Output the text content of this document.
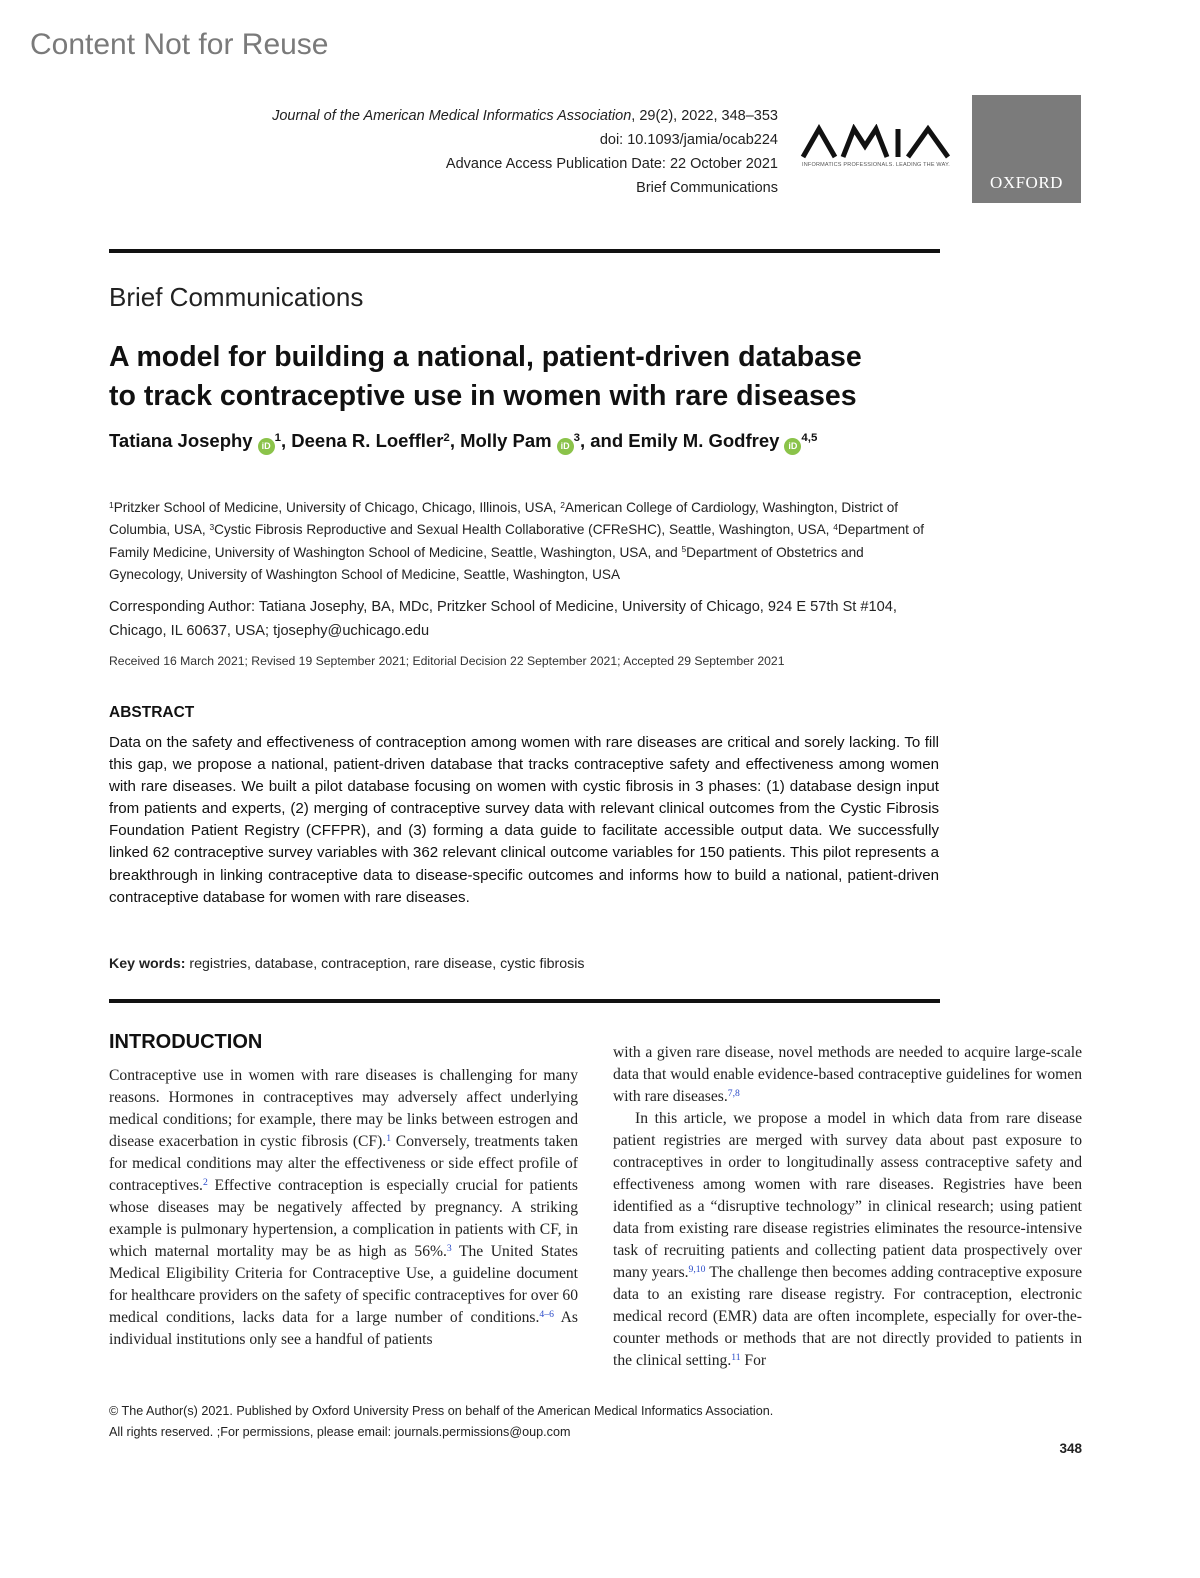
Content Not for Reuse
Journal of the American Medical Informatics Association, 29(2), 2022, 348–353
doi: 10.1093/jamia/ocab224
Advance Access Publication Date: 22 October 2021
Brief Communications
INFORMATICS PROFESSIONALS. LEADING THE WAY.
OXFORD
Brief Communications
A model for building a national, patient-driven database
to track contraceptive use in women with rare diseases
Tatiana Josephy $iD^1$, Deena R. Loeffler$^2$, Molly Pam $iD^3$, and Emily M. Godfrey iD$^{4,5}$
$^1$Pritzker School of Medicine, University of Chicago, Chicago, Illinois, USA, $^2$American College of Cardiology, Washington, District of Columbia, USA, $^3$Cystic Fibrosis Reproductive and Sexual Health Collaborative (CFReSHC), Seattle, Washington, USA, $^4$Department of Family Medicine, University of Washington School of Medicine, Seattle, Washington, USA, and $^5$Department of Obstetrics and Gynecology, University of Washington School of Medicine, Seattle, Washington, USA
Corresponding Author: Tatiana Josephy, BA, MDc, Pritzker School of Medicine, University of Chicago, 924 E 57th St #104, Chicago, IL 60637, USA; tjosephy@uchicago.edu
Received 16 March 2021; Revised 19 September 2021; Editorial Decision 22 September 2021; Accepted 29 September 2021
ABSTRACT
Data on the safety and effectiveness of contraception among women with rare diseases are critical and sorely lacking. To fill this gap, we propose a national, patient-driven database that tracks contraceptive safety and effectiveness among women with rare diseases. We built a pilot database focusing on women with cystic fibrosis in 3 phases: (1) database design input from patients and experts, (2) merging of contraceptive survey data with relevant clinical outcomes from the Cystic Fibrosis Foundation Patient Registry (CFFPR), and (3) forming a data guide to facilitate accessible output data. We successfully linked 62 contraceptive survey variables with 362 relevant clinical outcome variables for 150 patients. This pilot represents a breakthrough in linking contraceptive data to disease-specific outcomes and informs how to build a national, patient-driven contraceptive database for women with rare diseases.
Key words: registries, database, contraception, rare disease, cystic fibrosis
INTRODUCTION

Contraceptive use in women with rare diseases is challenging for many reasons. Hormones in contraceptives may adversely affect underlying medical conditions; for example, there may be links between estrogen and disease exacerbation in cystic fibrosis (CF).$^1$ Conversely, treatments taken for medical conditions may alter the effectiveness or side effect profile of contraceptives.$^2$ Effective contraception is especially crucial for patients whose diseases may be negatively affected by pregnancy. A striking example is pulmonary hypertension, a complication in patients with CF, in which maternal mortality may be as high as 56%.$^3$ The United States Medical Eligibility Criteria for Contraceptive Use, a guideline document for healthcare providers on the safety of specific contraceptives for over 60 medical conditions, lacks data for a large number of conditions.$^{4-6}$ As individual institutions only see a handful of patients

with a given rare disease, novel methods are needed to acquire large-scale data that would enable evidence-based contraceptive guidelines for women with rare diseases.$^{7,8}$

In this article, we propose a model in which data from rare disease patient registries are merged with survey data about past exposure to contraceptives in order to longitudinally assess contraceptive safety and effectiveness among women with rare diseases. Registries have been identified as a “disruptive technology” in clinical research; using patient data from existing rare disease registries eliminates the resource-intensive task of recruiting patients and collecting patient data prospectively over many years.$^{9,10}$ The challenge then becomes adding contraceptive exposure data to an existing rare disease registry. For contraception, electronic medical record (EMR) data are often incomplete, especially for over-the-counter methods or methods that are not directly provided to patients in the clinical setting.$^{11}$ For

© The Author(s) 2021. Published by Oxford University Press on behalf of the American Medical Informatics Association.
All rights reserved. ;For permissions, please email: journals.permissions@oup.com
348
